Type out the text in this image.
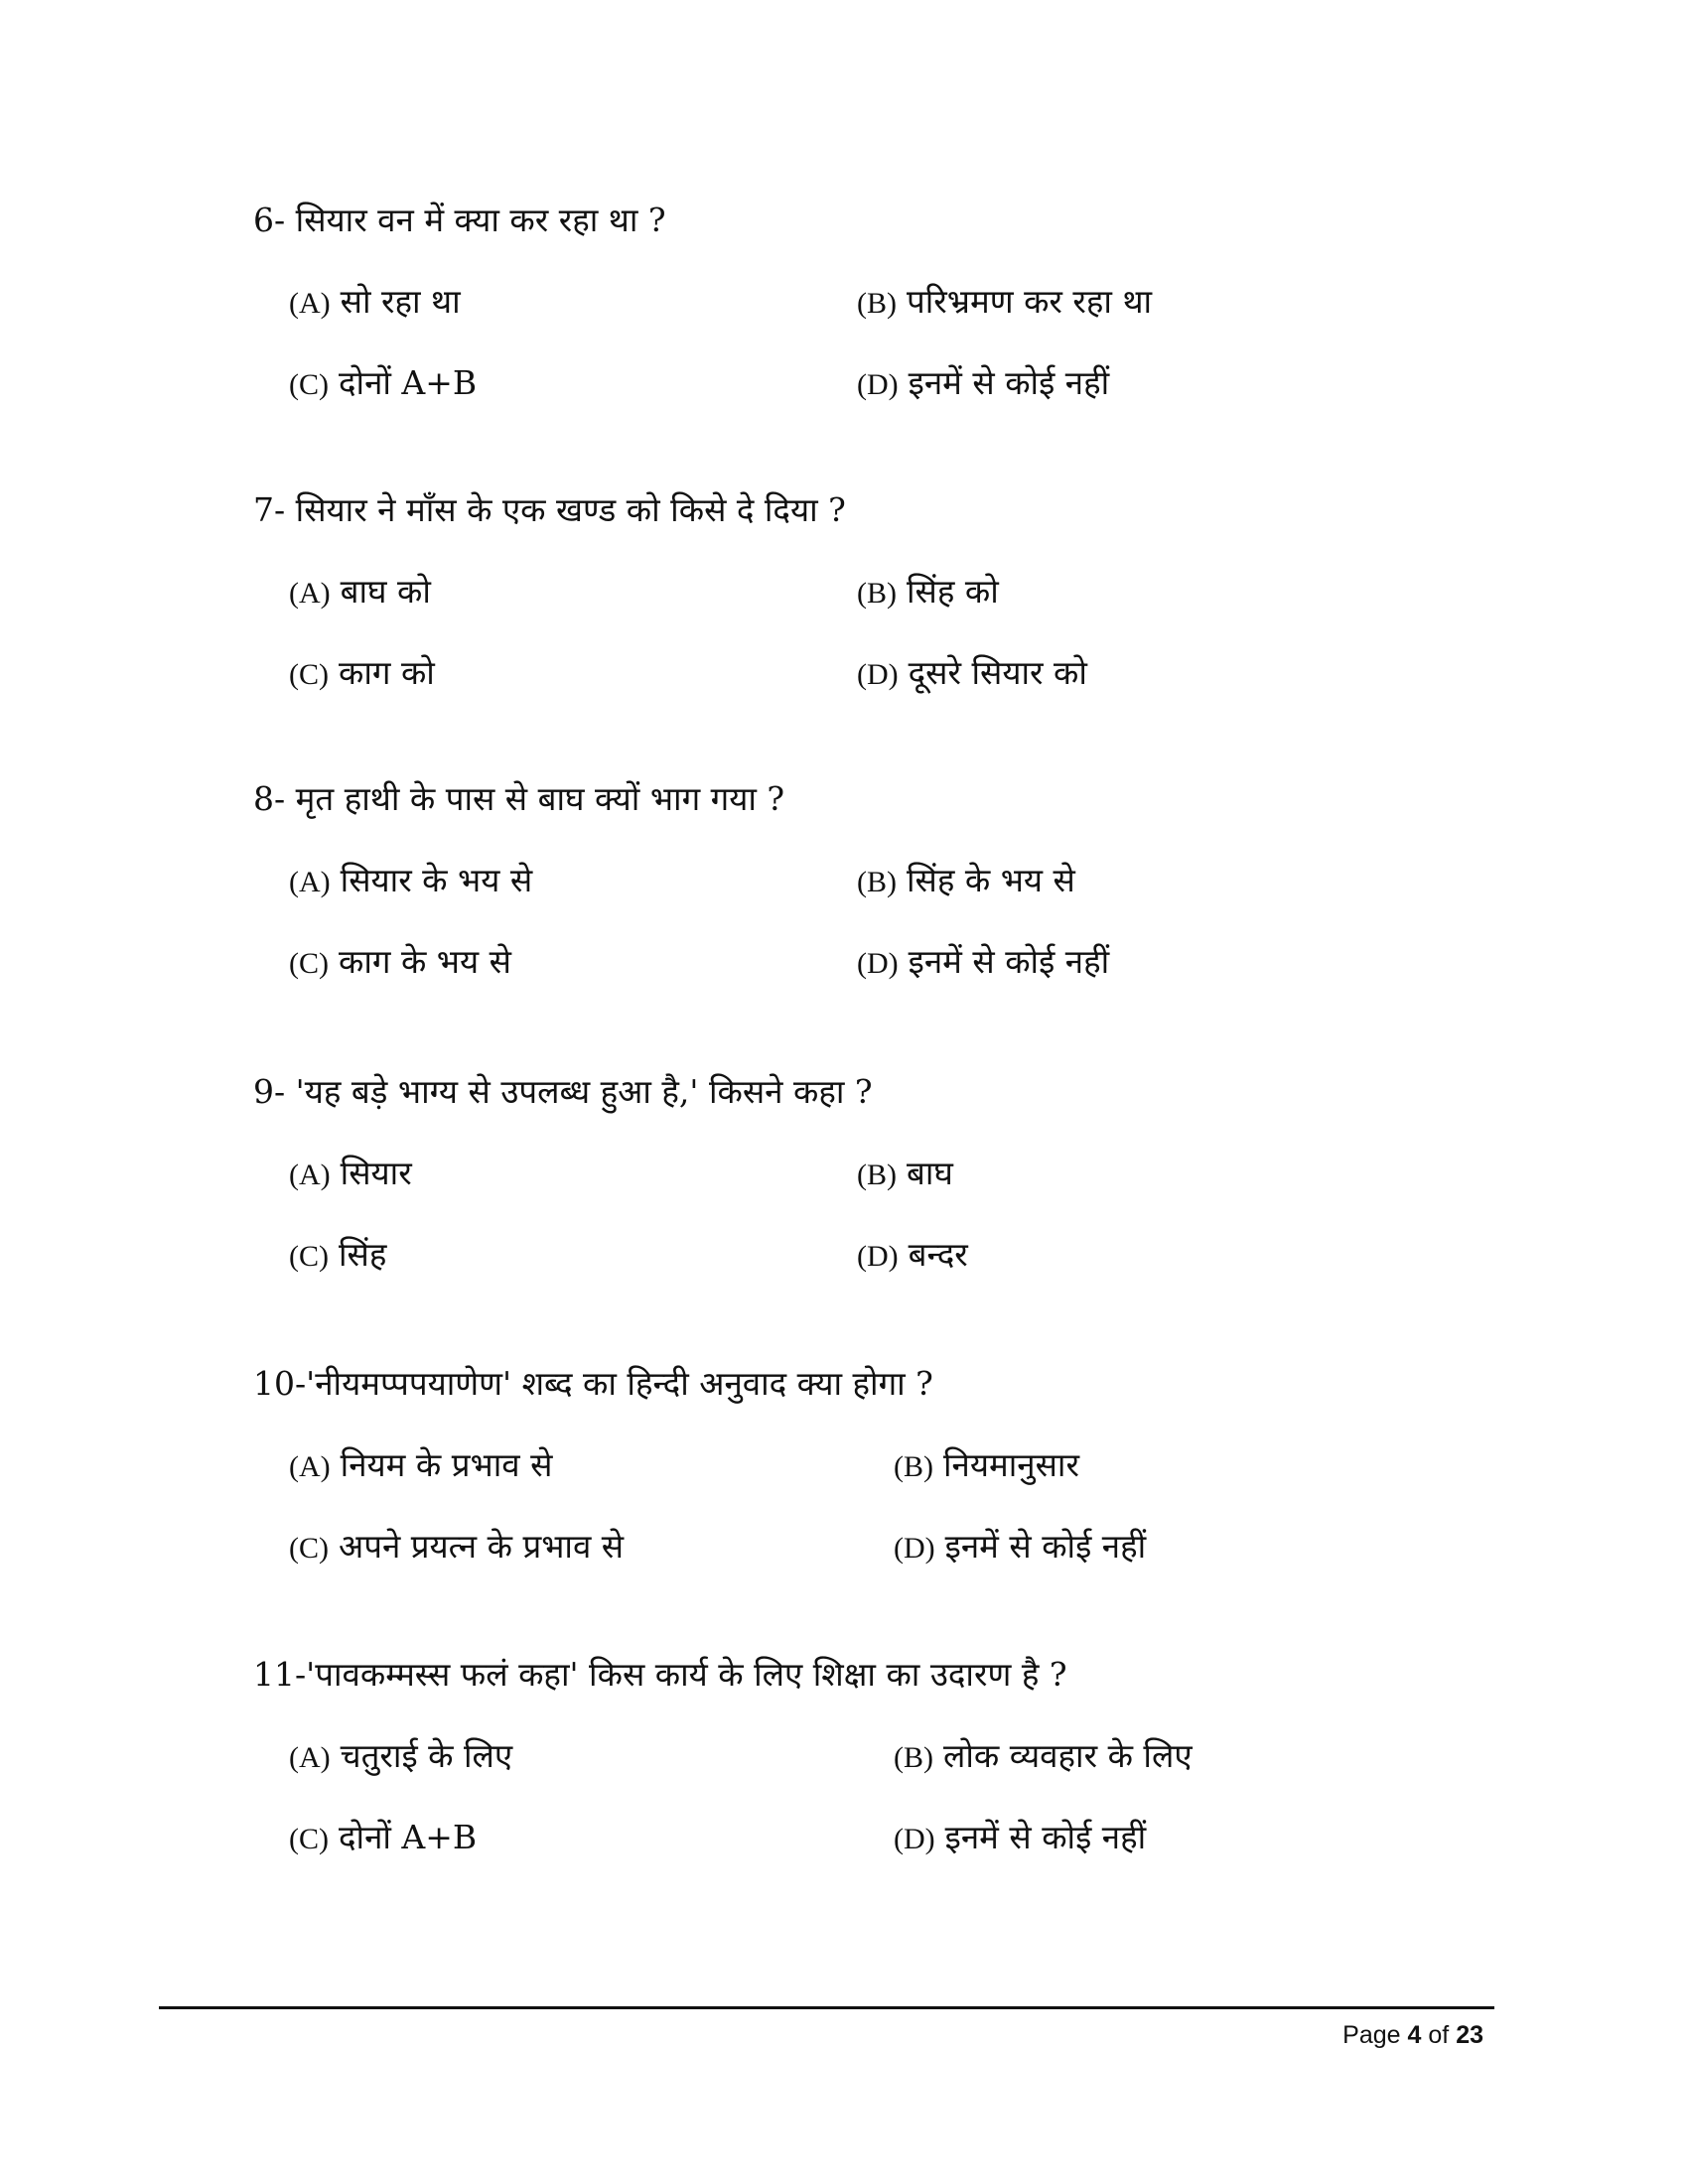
6- सियार वन में क्या कर रहा था ?
(A) सो रहा था	(B) परिभ्रमण कर रहा था
(C) दोनों A+B	(D) इनमें से कोई नहीं
7- सियार ने माँस के एक खण्ड को किसे दे दिया ?
(A) बाघ को	(B) सिंह को
(C) काग को	(D) दूसरे सियार को
8- मृत हाथी के पास से बाघ क्यों भाग गया ?
(A) सियार के भय से	(B) सिंह के भय से
(C) काग के भय से	(D) इनमें से कोई नहीं
9- 'यह बड़े भाग्य से उपलब्ध हुआ है,' किसने कहा ?
(A) सियार	(B) बाघ
(C) सिंह	(D) बन्दर
10-'नीयमप्पपयाणेण' शब्द का हिन्दी अनुवाद क्या होगा ?
(A) नियम के प्रभाव से	(B) नियमानुसार
(C) अपने प्रयत्न के प्रभाव से	(D) इनमें से कोई नहीं
11-'पावकम्मस्स फलं कहा' किस कार्य के लिए शिक्षा का उदारण है ?
(A) चतुराई के लिए	(B) लोक व्यवहार के लिए
(C) दोनों A+B	(D) इनमें से कोई नहीं
Page 4 of 23
